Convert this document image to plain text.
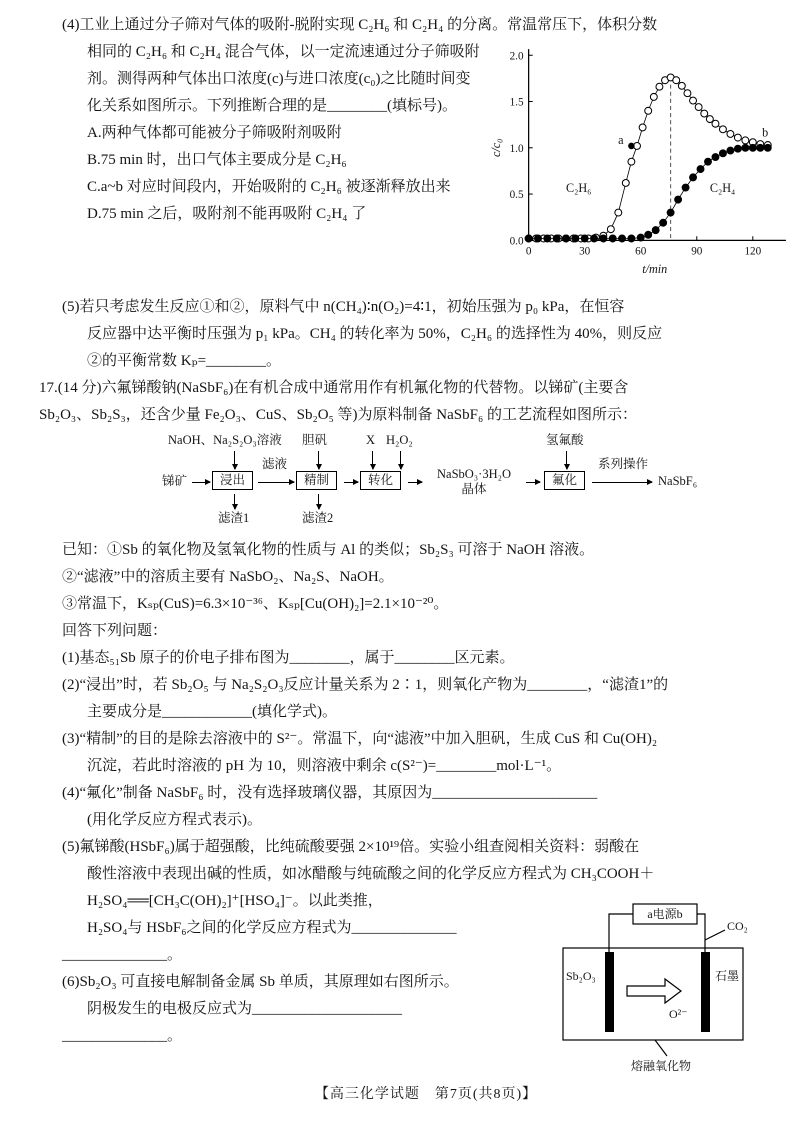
(4)工业上通过分子筛对气体的吸附-脱附实现 C₂H₆ 和 C₂H₄ 的分离。常温常压下，体积分数

0.0
0.5
1.0
1.5
2.0
0	30	60	90	120
C₂H₆	C₂H₄
a
b
c/c₀
t/min

相同的 C₂H₆ 和 C₂H₄ 混合气体，以一定流速通过分子筛吸附剂。测得两种气体出口浓度(c)与进口浓度(c₀)之比随时间变化关系如图所示。下列推断合理的是________(填标号)。

A.两种气体都可能被分子筛吸附剂吸附

B.75 min 时，出口气体主要成分是 C₂H₆

C.a~b 对应时间段内，开始吸附的 C₂H₆ 被逐渐释放出来

D.75 min 之后，吸附剂不能再吸附 C₂H₄ 了

(5)若只考虑发生反应①和②，原料气中 n(CH₄)∶n(O₂)=4∶1，初始压强为 p₀ kPa，在恒容

反应器中达平衡时压强为 p₁ kPa。CH₄ 的转化率为 50%，C₂H₆ 的选择性为 40%，则反应

②的平衡常数 Kₚ=________。

17.(14 分)六氟锑酸钠(NaSbF₆)在有机合成中通常用作有机氟化物的代替物。以锑矿(主要含

Sb₂O₃、Sb₂S₃，还含少量 Fe₂O₃、CuS、Sb₂O₅ 等)为原料制备 NaSbF₆ 的工艺流程如图所示：

NaOH、Na₂S₂O₃溶液 胆矾	X H₂O₂	氢氟酸
锑矿	浸出
滤液
精制	转化	NaSbO₃·3H₂O
晶体
氟化
系列操作
NaSbF₆
滤渣1	滤渣2

已知：①Sb 的氧化物及氢氧化物的性质与 Al 的类似；Sb₂S₃ 可溶于 NaOH 溶液。

②“滤液”中的溶质主要有 NaSbO₂、Na₂S、NaOH。

③常温下，Kₛₚ(CuS)=6.3×10⁻³⁶、Kₛₚ[Cu(OH)₂]=2.1×10⁻²⁰。

回答下列问题：

(1)基态₅₁Sb 原子的价电子排布图为________，属于________区元素。

(2)“浸出”时，若 Sb₂O₅ 与 Na₂S₂O₃反应计量关系为 2∶1，则氧化产物为________，“滤渣1”的

主要成分是____________(填化学式)。

(3)“精制”的目的是除去溶液中的 S²⁻。常温下，向“滤液”中加入胆矾，生成 CuS 和 Cu(OH)₂

沉淀，若此时溶液的 pH 为 10，则溶液中剩余 c(S²⁻)=________mol·L⁻¹。

(4)“氟化”制备 NaSbF₆ 时，没有选择玻璃仪器，其原因为______________________

(用化学反应方程式表示)。

(5)氟锑酸(HSbF₆)属于超强酸，比纯硫酸要强 2×10¹⁹倍。实验小组查阅相关资料：弱酸在

酸性溶液中表现出碱的性质，如冰醋酸与纯硫酸之间的化学反应方程式为 CH₃COOH＋

a电源b
CO₂
Sb₂O₃	石墨
O²⁻
熔融氧化物

H₂SO₄══[CH₃C(OH)₂]⁺[HSO₄]⁻。以此类推，

H₂SO₄与 HSbF₆之间的化学反应方程式为______________

______________。

(6)Sb₂O₃ 可直接电解制备金属 Sb 单质，其原理如右图所示。

阴极发生的电极反应式为____________________

______________。

【高三化学试题　第7页(共8页)】
